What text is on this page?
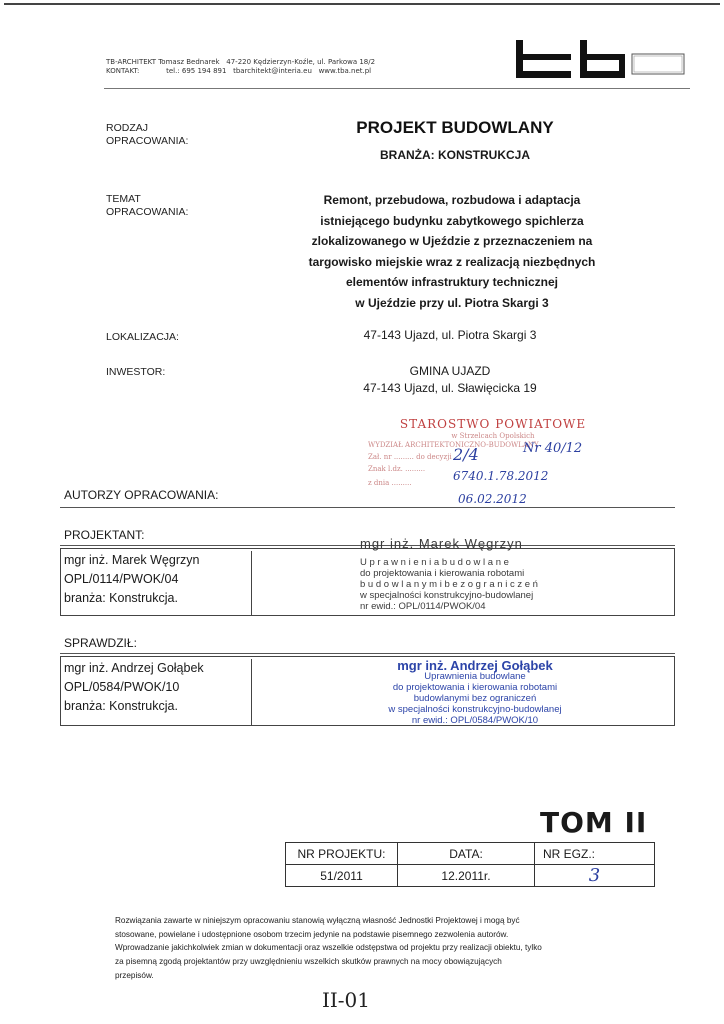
TB-ARCHITEKT Tomasz Bednarek   47-220 Kędzierzyn-Koźle, ul. Parkowa 18/2
KONTAKT:            tel.: 695 194 891   tbarchitekt@interia.eu   www.tba.net.pl
RODZAJ
OPRACOWANIA:
PROJEKT BUDOWLANY
BRANŻA: KONSTRUKCJA
TEMAT
OPRACOWANIA:
Remont, przebudowa, rozbudowa i adaptacja
istniejącego budynku zabytkowego spichlerza
zlokalizowanego w Ujeździe z przeznaczeniem na
targowisko miejskie wraz z realizacją niezbędnych
elementów infrastruktury technicznej
w Ujeździe przy ul. Piotra Skargi 3
LOKALIZACJA:	47-143 Ujazd, ul. Piotra Skargi 3
INWESTOR:	GMINA UJAZD
47-143 Ujazd, ul. Sławięcicka 19
STAROSTWO POWIATOWE
w Strzelcach Opolskich
WYDZIAŁ ARCHITEKTONICZNO-BUDOWLANY
Zał. nr ......... do decyzji
Znak l.dz. .........
z dnia .........
2/4	Nr 40/12
6740.1.78.2012
06.02.2012
AUTORZY OPRACOWANIA:
PROJEKTANT:
mgr inż. Marek Węgrzyn
OPL/0114/PWOK/04
branża: Konstrukcja.
mgr inż. Marek Węgrzyn
U p r a w n i e n i a b u d o w l a n e
do projektowania i kierowania robotami
b u d o w l a n y m i b e z o g r a n i c z e ń
w specjalności konstrukcyjno-budowlanej
nr ewid.: OPL/0114/PWOK/04
SPRAWDZIŁ:
mgr inż. Andrzej Gołąbek
OPL/0584/PWOK/10
branża: Konstrukcja.
mgr inż. Andrzej Gołąbek
Uprawnienia budowlane
do projektowania i kierowania robotami
budowlanymi bez ograniczeń
w specjalności konstrukcyjno-budowlanej
nr ewid.: OPL/0584/PWOK/10
TOM II
NR PROJEKTU:	DATA:	NR EGZ.:
51/2011	12.2011r.	3
Rozwiązania zawarte w niniejszym opracowaniu stanowią wyłączną własność Jednostki Projektowej i mogą być
stosowane, powielane i udostępnione osobom trzecim jedynie na podstawie pisemnego zezwolenia autorów.
Wprowadzanie jakichkolwiek zmian w dokumentacji oraz wszelkie odstępstwa od projektu przy realizacji obiektu, tylko
za pisemną zgodą projektantów przy uwzględnieniu wszelkich skutków prawnych na mocy obowiązujących
przepisów.
II-01
